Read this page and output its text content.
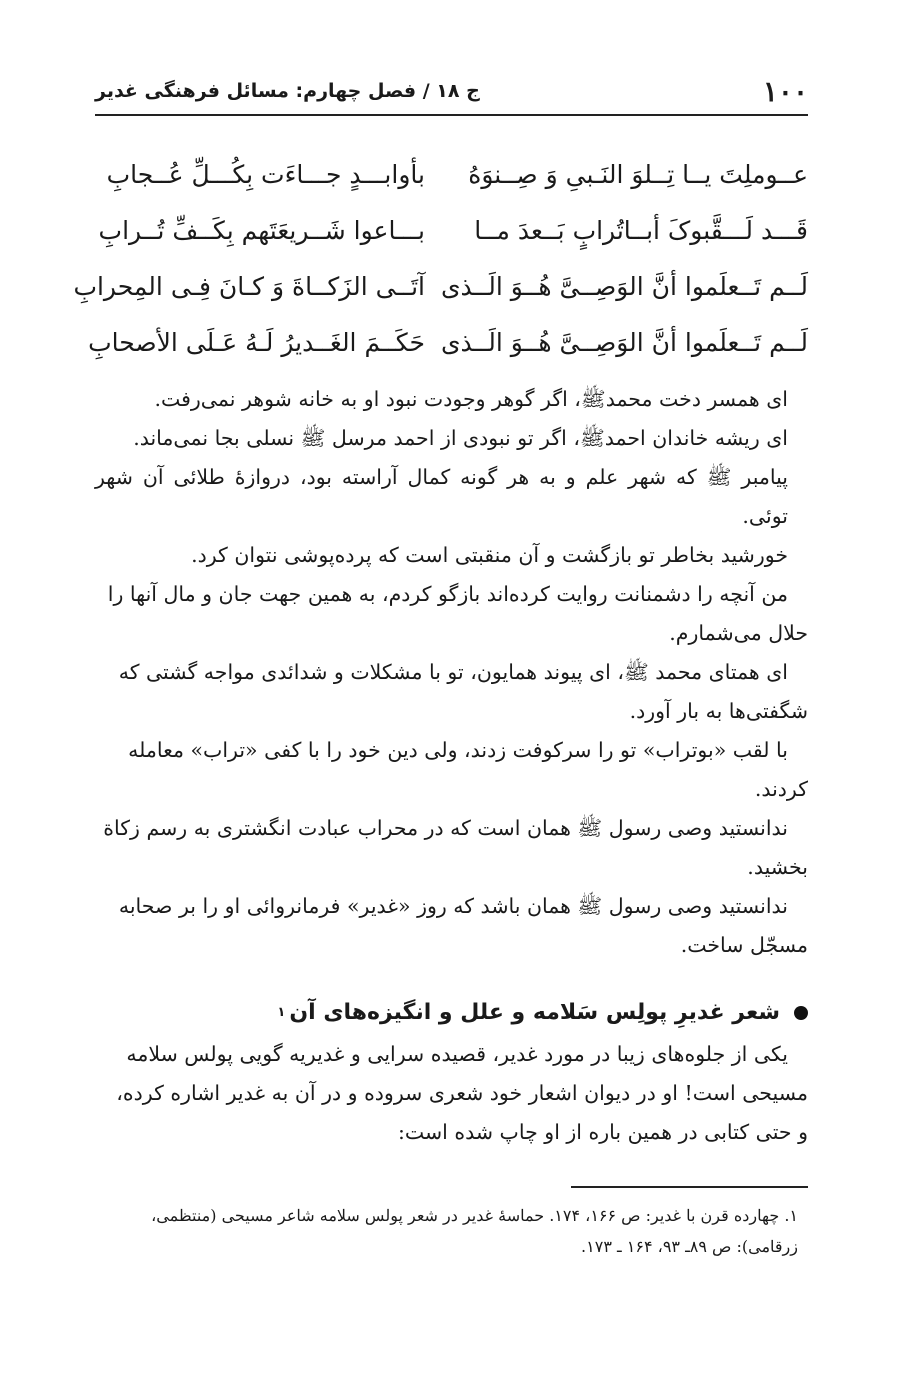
۱۰۰
ج ۱۸ / فصل چهارم: مسائل فرهنگی غدیر
عــوملِتَ یــا تِــلوَ النَـبیِ وَ صِــنوَهُ
بأوابـــدٍ جـــاءَت بِکُـــلِّ عُــجابِ
قَـــد لَـــقَّبوکَ أبــاتُرابٍ بَــعدَ مــا
بـــاعوا شَــریعَتَهم بِکَــفِّ تُــرابِ
لَــم تَــعلَموا أنَّ الوَصِــیَّ هُــوَ الَــذی
آتَــی الزَکــاةَ وَ کـانَ فِـی المِحرابِ
لَــم تَــعلَموا أنَّ الوَصِــیَّ هُــوَ الَــذی
حَکَــمَ الغَــدیرُ لَـهُ عَـلَی الأصحابِ

ای همسر دخت محمدﷺ، اگر گوهر وجودت نبود او به خانه شوهر نمی‌رفت.

ای ریشه خاندان احمدﷺ، اگر تو نبودی از احمد مرسل ﷺ نسلی بجا نمی‌ماند.

پیامبر ﷺ که شهر علم و به هر گونه کمال آراسته بود، دروازهٔ طلائی آن شهر توئی.

خورشید بخاطر تو بازگشت و آن منقبتی است که پرده‌پوشی نتوان کرد.

من آنچه را دشمنانت روایت کرده‌اند بازگو کردم، به همین جهت جان و مال آنها را

حلال می‌شمارم.

ای همتای محمد ﷺ، ای پیوند همایون، تو با مشکلات و شدائدی مواجه گشتی که

شگفتی‌ها به بار آورد.

با لقب «بوتراب» تو را سرکوفت زدند، ولی دین خود را با کفی «تراب» معامله

کردند.

ندانستید وصی رسول ﷺ همان است که در محراب عبادت انگشتری به رسم زکاة

بخشید.

ندانستید وصی رسول ﷺ همان باشد که روز «غدیر» فرمانروائی او را بر صحابه

مسجّل ساخت.

شعر غدیرِ پولِس سَلامه و علل و انگیزه‌های آن
۱

یکی از جلوه‌های زیبا در مورد غدیر، قصیده سرایی و غدیریه گویی پولس سلامه

مسیحی است! او در دیوان اشعار خود شعری سروده و در آن به غدیر اشاره کرده،

و حتی کتابی در همین باره از او چاپ شده است:

۱. چهارده قرن با غدیر: ص ۱۶۶، ۱۷۴. حماسهٔ غدیر در شعر پولس سلامه شاعر مسیحی (منتظمی،
زرقامی): ص ۸۹ـ ۹۳، ۱۶۴ ـ ۱۷۳.
